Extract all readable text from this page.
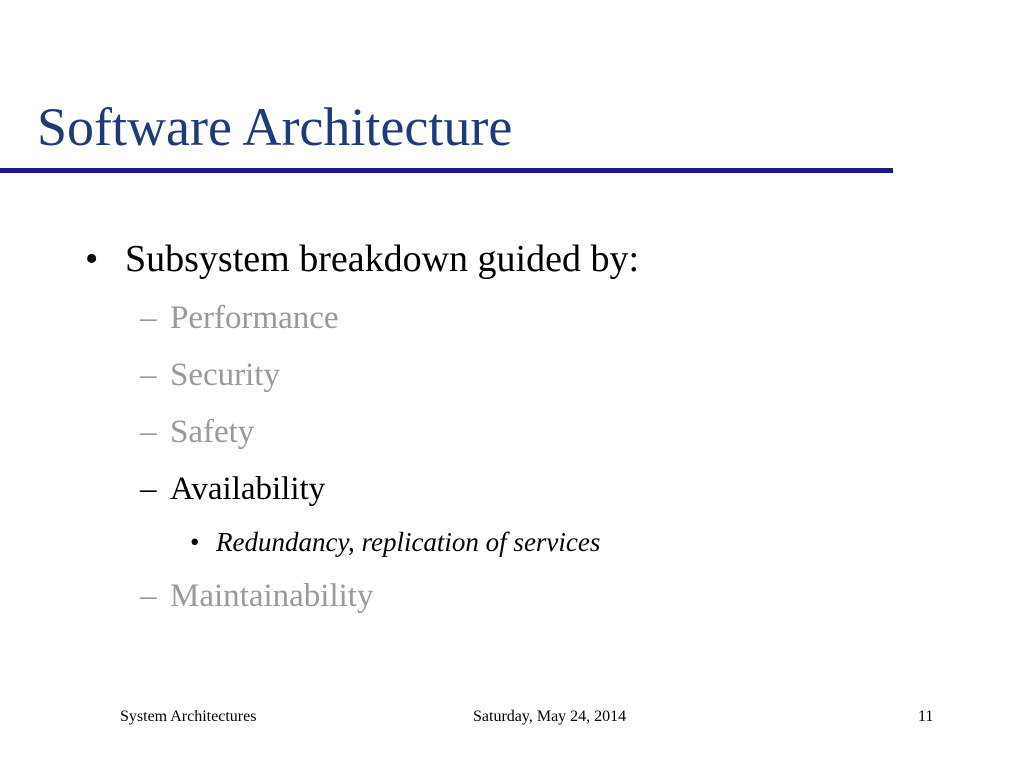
Software Architecture
• Subsystem breakdown guided by:
– Performance
– Security
– Safety
– Availability
• Redundancy, replication of services
– Maintainability
System Architectures	Saturday, May 24, 2014	11
